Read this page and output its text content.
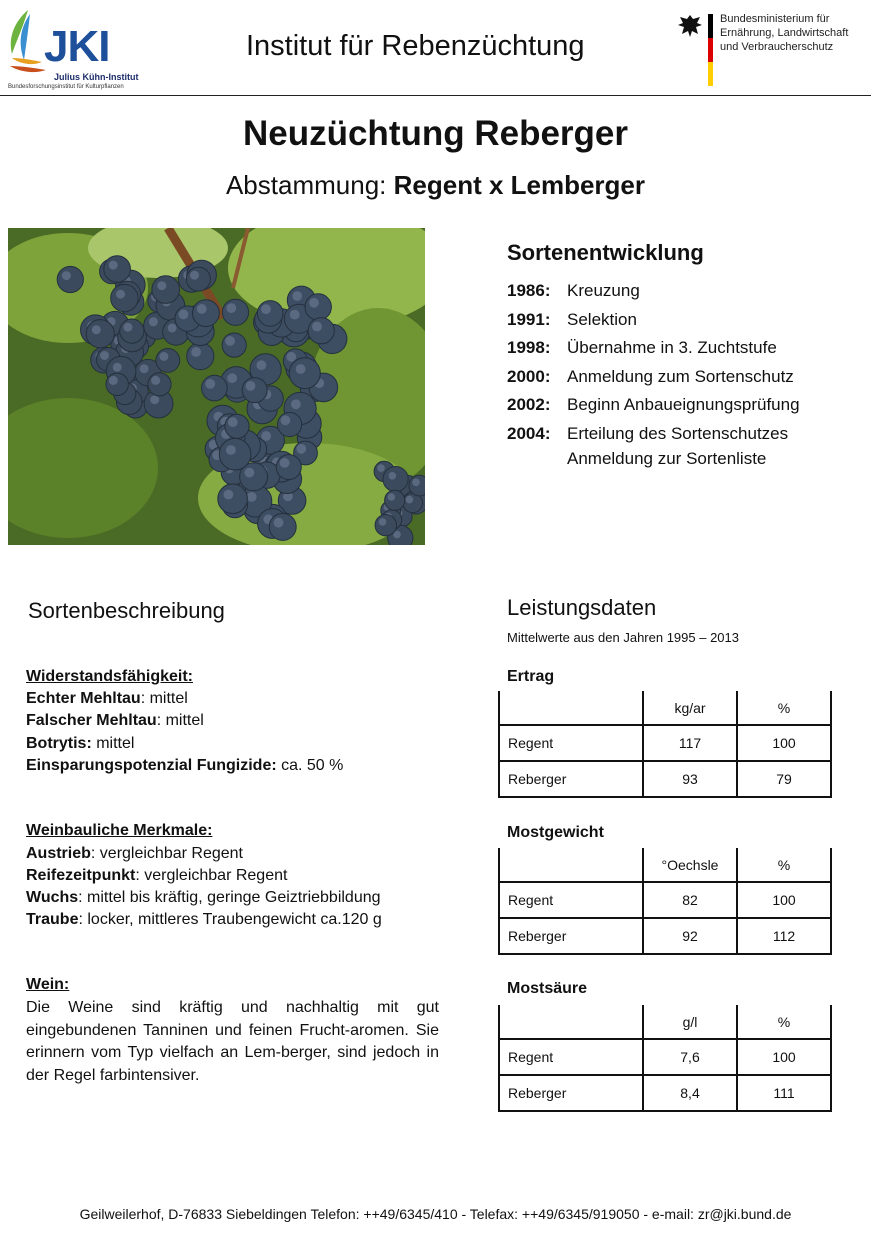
JKI
Julius Kühn-Institut
Bundesforschungsinstitut für Kulturpflanzen
Institut für Rebenzüchtung
Bundesministerium für
Ernährung, Landwirtschaft
und Verbraucherschutz
Neuzüchtung Reberger
Abstammung: Regent x Lemberger
Sortenentwicklung
1986: Kreuzung
1991: Selektion
1998: Übernahme in 3. Zuchtstufe
2000: Anmeldung zum Sortenschutz
2002: Beginn Anbaueignungsprüfung
2004: Erteilung des Sortenschutzes
Anmeldung zur Sortenliste
Sortenbeschreibung
Widerstandsfähigkeit:
Echter Mehltau: mittel
Falscher Mehltau: mittel
Botrytis: mittel
Einsparungspotenzial Fungizide: ca. 50 %
Weinbauliche Merkmale:
Austrieb: vergleichbar Regent
Reifezeitpunkt: vergleichbar Regent
Wuchs: mittel bis kräftig, geringe Geiztriebbildung
Traube: locker, mittleres Traubengewicht ca.120 g
Wein:
Die Weine sind kräftig und nachhaltig mit gut eingebundenen Tanninen und feinen Frucht-aromen. Sie erinnern vom Typ vielfach an Lem-berger, sind jedoch in der Regel farbintensiver.
Leistungsdaten
Mittelwerte aus den Jahren 1995 – 2013
Ertrag
	kg/ar	%
Regent	117	100
Reberger	93	79
Mostgewicht
	°Oechsle	%
Regent	82	100
Reberger	92	112
Mostsäure
	g/l	%
Regent	7,6	100
Reberger	8,4	111
Geilweilerhof, D-76833 Siebeldingen Telefon: ++49/6345/410 - Telefax: ++49/6345/919050 - e-mail: zr@jki.bund.de
